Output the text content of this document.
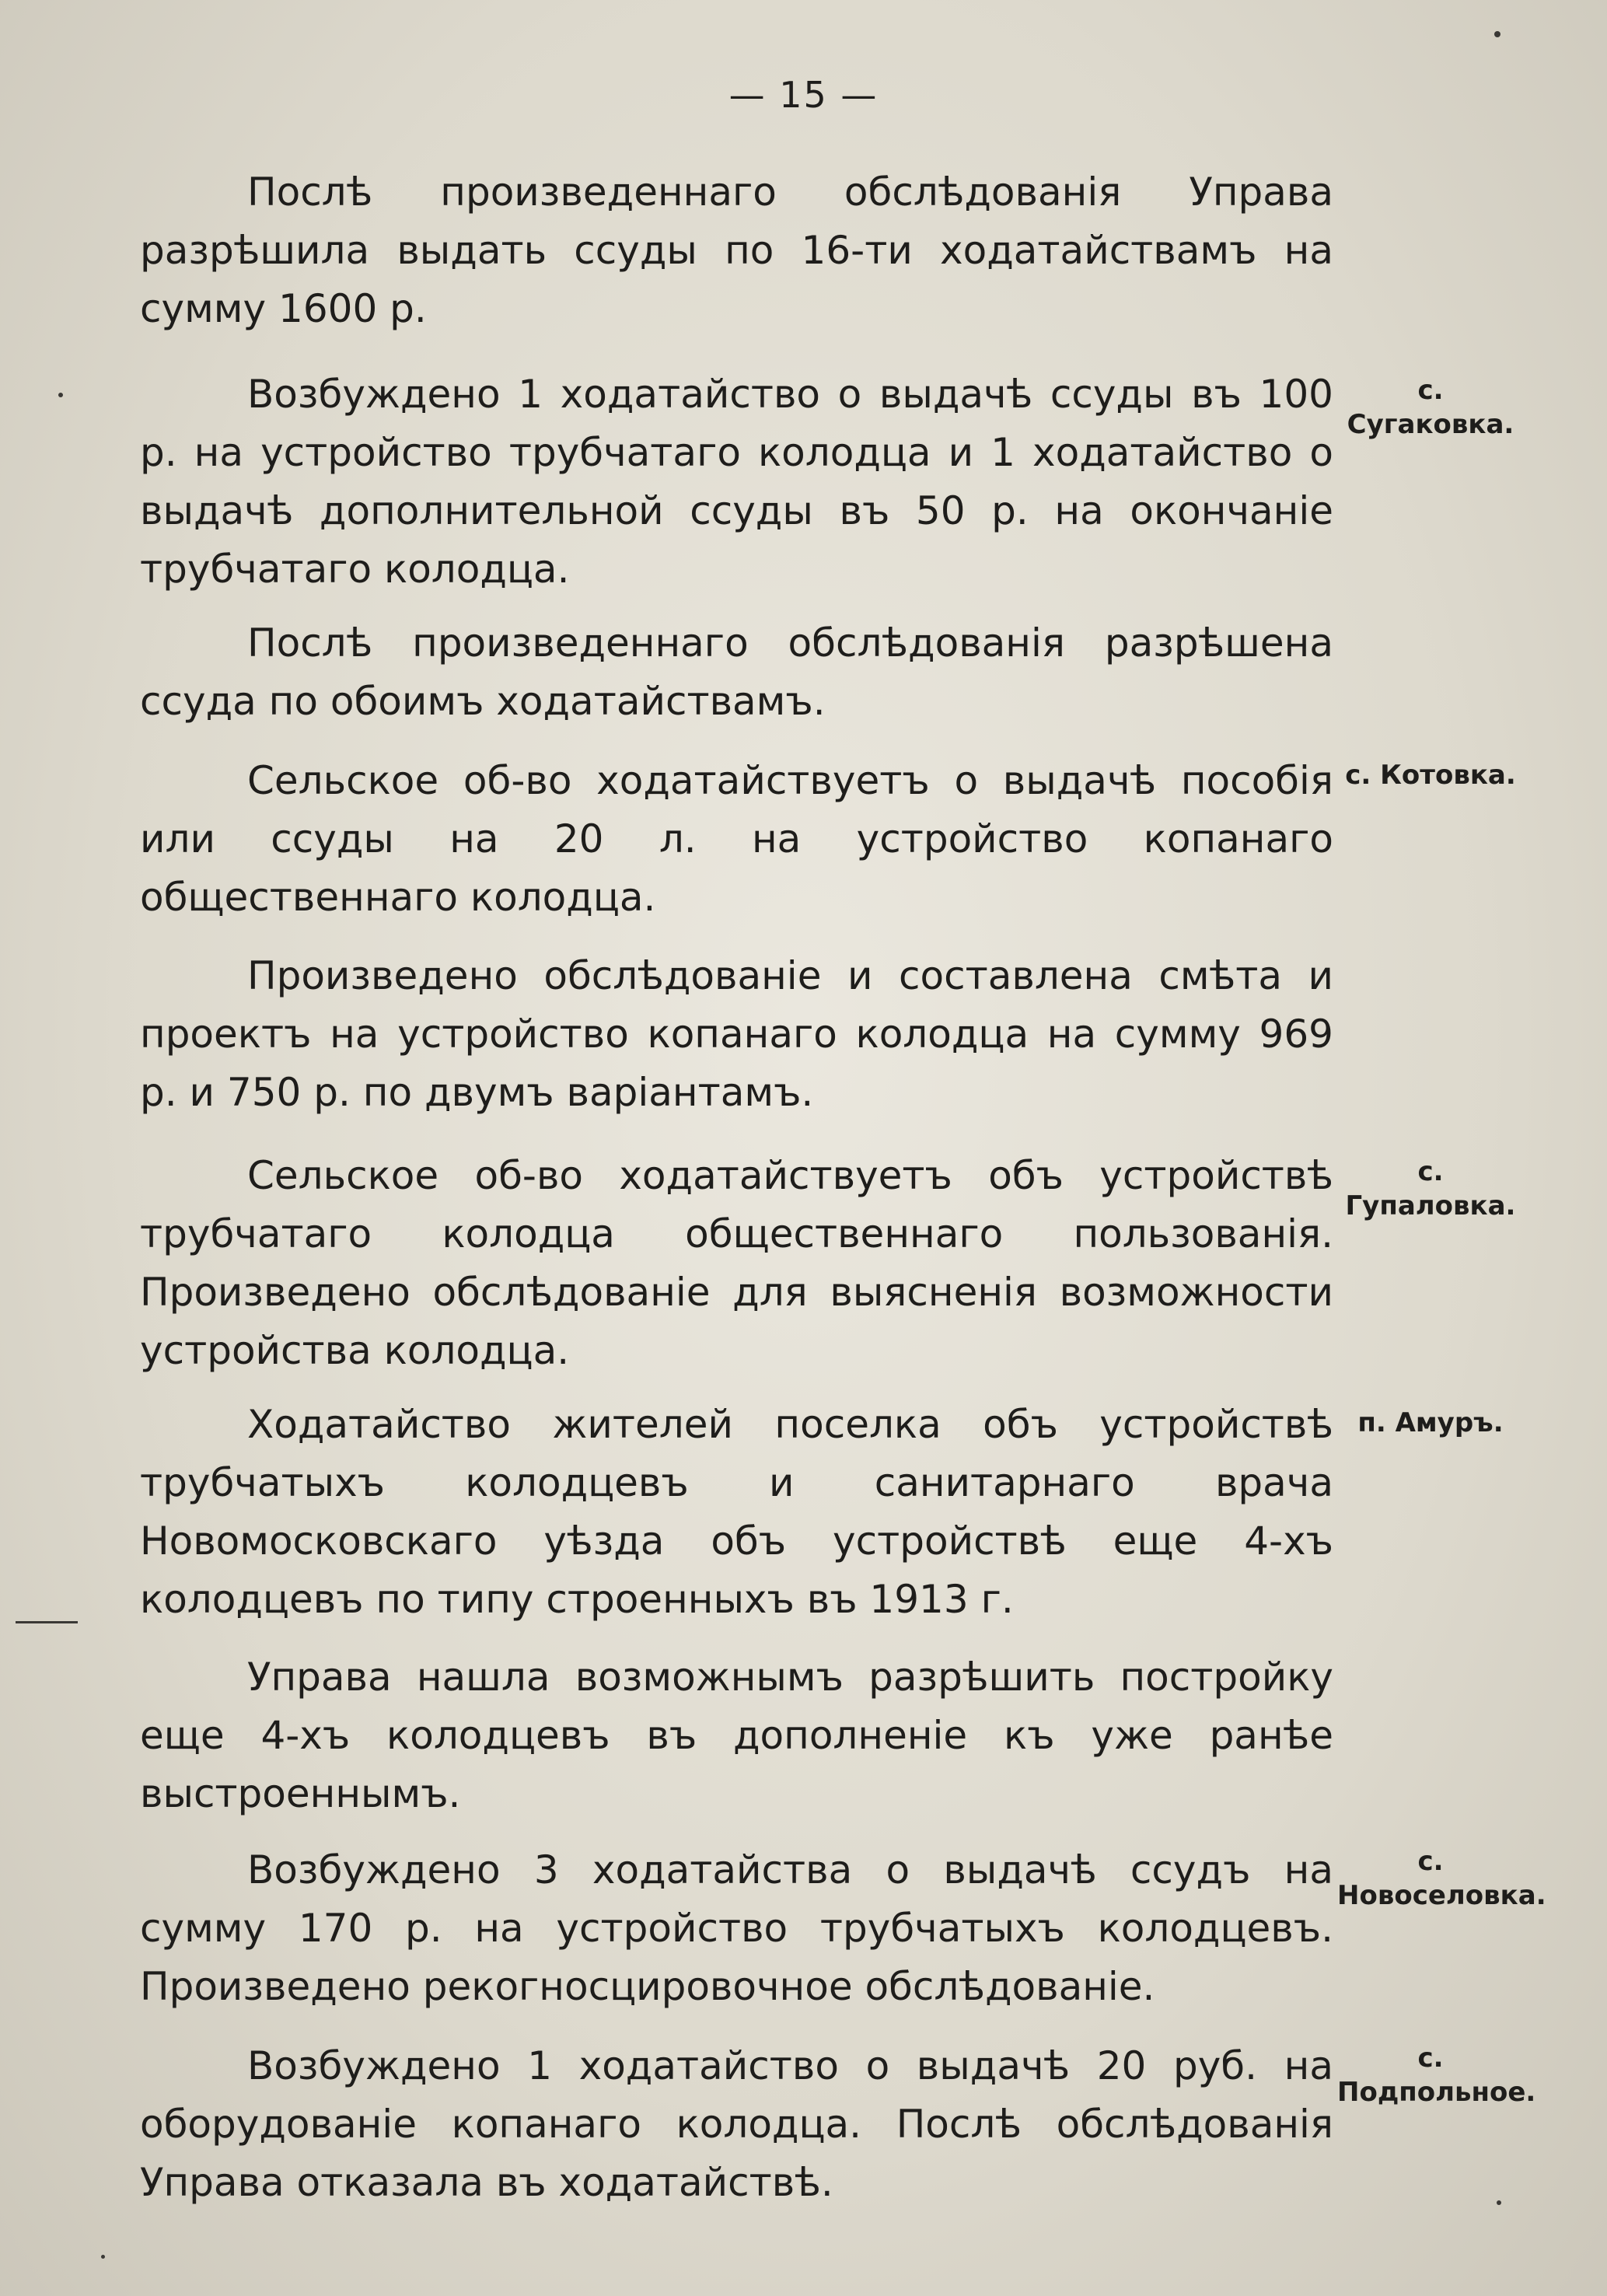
— 15 —

Послѣ произведеннаго обслѣдованія Управа разрѣшила выдать ссуды по 16-ти ходатайствамъ на сумму 1600 р.

Возбуждено 1 ходатайство о выдачѣ ссуды въ 100 р. на устройство трубчатаго колодца и 1 ходатайство о выдачѣ дополнительной ссуды въ 50 р. на окончаніе трубчатаго колодца.

Послѣ произведеннаго обслѣдованія разрѣшена ссуда по обоимъ ходатайствамъ.

Сельское об-во ходатайствуетъ о выдачѣ пособія или ссуды на 20 л. на устройство копанаго общественнаго колодца.

Произведено обслѣдованіе и составлена смѣта и проектъ на устройство копанаго колодца на сумму 969 р. и 750 р. по двумъ варіантамъ.

Сельское об-во ходатайствуетъ объ устройствѣ трубчатаго колодца общественнаго пользованія. Произведено обслѣдованіе для выясненія возможности устройства колодца.

Ходатайство жителей поселка объ устройствѣ трубчатыхъ колодцевъ и санитарнаго врача Новомосковскаго уѣзда объ устройствѣ еще 4-хъ колодцевъ по типу строенныхъ въ 1913 г.

Управа нашла возможнымъ разрѣшить постройку еще 4-хъ колодцевъ въ дополненіе къ уже ранѣе выстроеннымъ.

Возбуждено 3 ходатайства о выдачѣ ссудъ на сумму 170 р. на устройство трубчатыхъ колодцевъ. Произведено рекогносцировочное обслѣдованіе.

Возбуждено 1 ходатайство о выдачѣ 20 руб. на оборудованіе копанаго колодца. Послѣ обслѣдованія Управа отказала въ ходатайствѣ.

с. Сугаковка.
с. Котовка.
с. Гупаловка.
п. Амуръ.
с. Новоселовка.
с. Подпольное.
